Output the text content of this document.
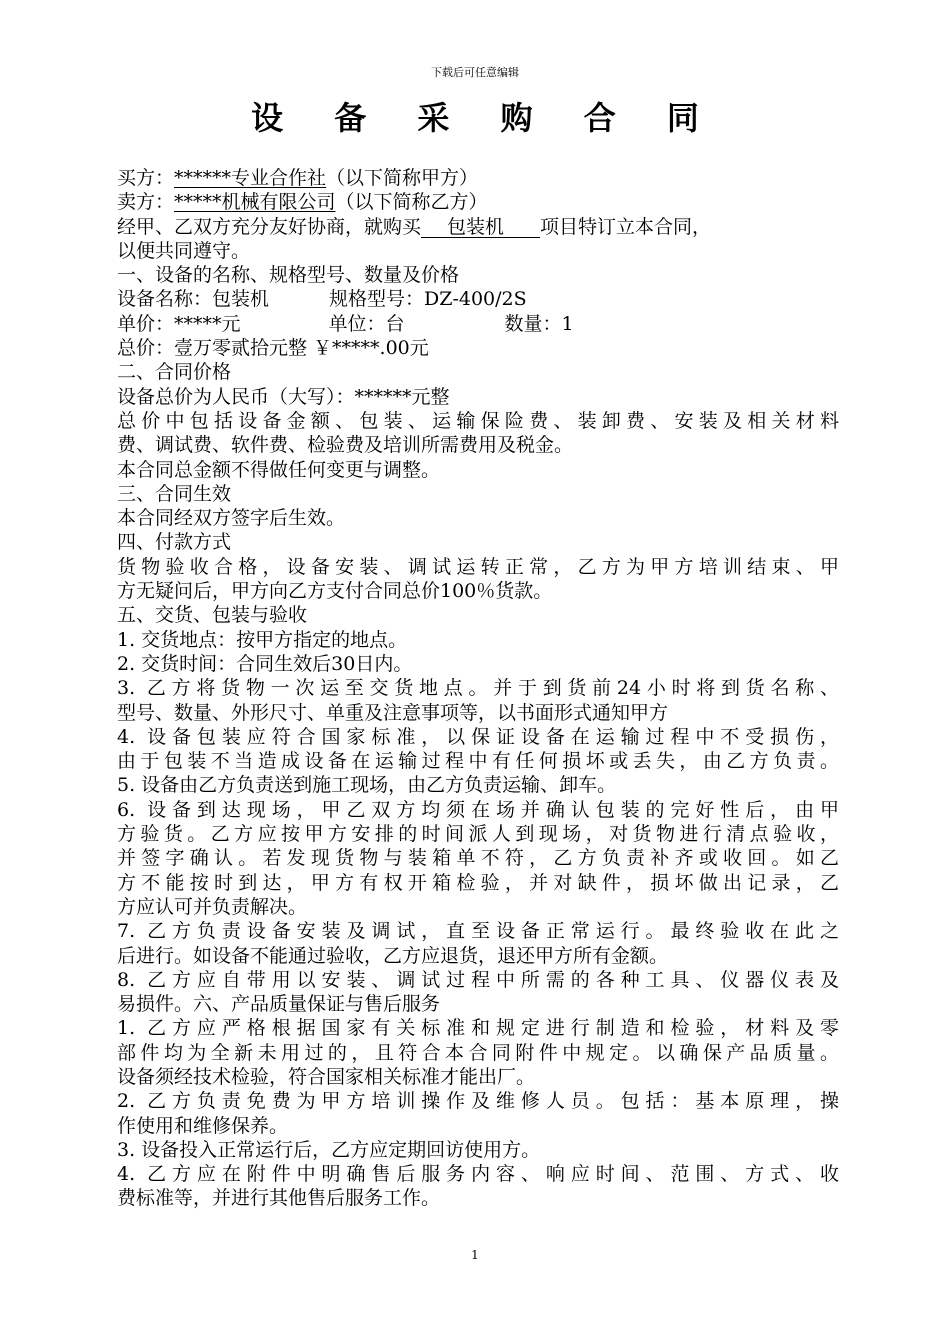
下载后可任意编辑
设 备 采 购 合 同
买方：******专业合作社（以下简称甲方）
卖方：*****机械有限公司（以下简称乙方）
经甲、乙双方充分友好协商，就购买 包装机 项目特订立本合同，
以便共同遵守。
一、设备的名称、规格型号、数量及价格
设备名称：包装机	规格型号：DZ-400/2S
单价：*****元	单位：台	数量：1
总价：壹万零贰拾元整 ￥*****.00元
二、合同价格
设备总价为人民币（大写）：******元整
总价中包括设备金额、包装、运输保险费、装卸费、安装及相关材料
费、调试费、软件费、检验费及培训所需费用及税金。
本合同总金额不得做任何变更与调整。
三、合同生效
本合同经双方签字后生效。
四、付款方式
货物验收合格，设备安装、调试运转正常，乙方为甲方培训结束、甲
方无疑问后，甲方向乙方支付合同总价100％货款。
五、交货、包装与验收
1. 交货地点：按甲方指定的地点。
2. 交货时间：合同生效后30日内。
3. 乙方将货物一次运至交货地点。并于到货前24小时将到货名称、
型号、数量、外形尺寸、单重及注意事项等，以书面形式通知甲方
4. 设备包装应符合国家标准，以保证设备在运输过程中不受损伤，
由于包装不当造成设备在运输过程中有任何损坏或丢失，由乙方负责。
5. 设备由乙方负责送到施工现场，由乙方负责运输、卸车。
6. 设备到达现场，甲乙双方均须在场并确认包装的完好性后，由甲
方验货。乙方应按甲方安排的时间派人到现场，对货物进行清点验收，
并签字确认。若发现货物与装箱单不符，乙方负责补齐或收回。如乙
方不能按时到达，甲方有权开箱检验，并对缺件，损坏做出记录，乙
方应认可并负责解决。
7. 乙方负责设备安装及调试，直至设备正常运行。最终验收在此之
后进行。如设备不能通过验收，乙方应退货，退还甲方所有金额。
8. 乙方应自带用以安装、调试过程中所需的各种工具、仪器仪表及
易损件。六、产品质量保证与售后服务
1. 乙方应严格根据国家有关标准和规定进行制造和检验，材料及零
部件均为全新未用过的，且符合本合同附件中规定。以确保产品质量。
设备须经技术检验，符合国家相关标准才能出厂。
2. 乙方负责免费为甲方培训操作及维修人员。包括：基本原理，操
作使用和维修保养。
3. 设备投入正常运行后，乙方应定期回访使用方。
4. 乙方应在附件中明确售后服务内容、响应时间、范围、方式、收
费标准等，并进行其他售后服务工作。
1
